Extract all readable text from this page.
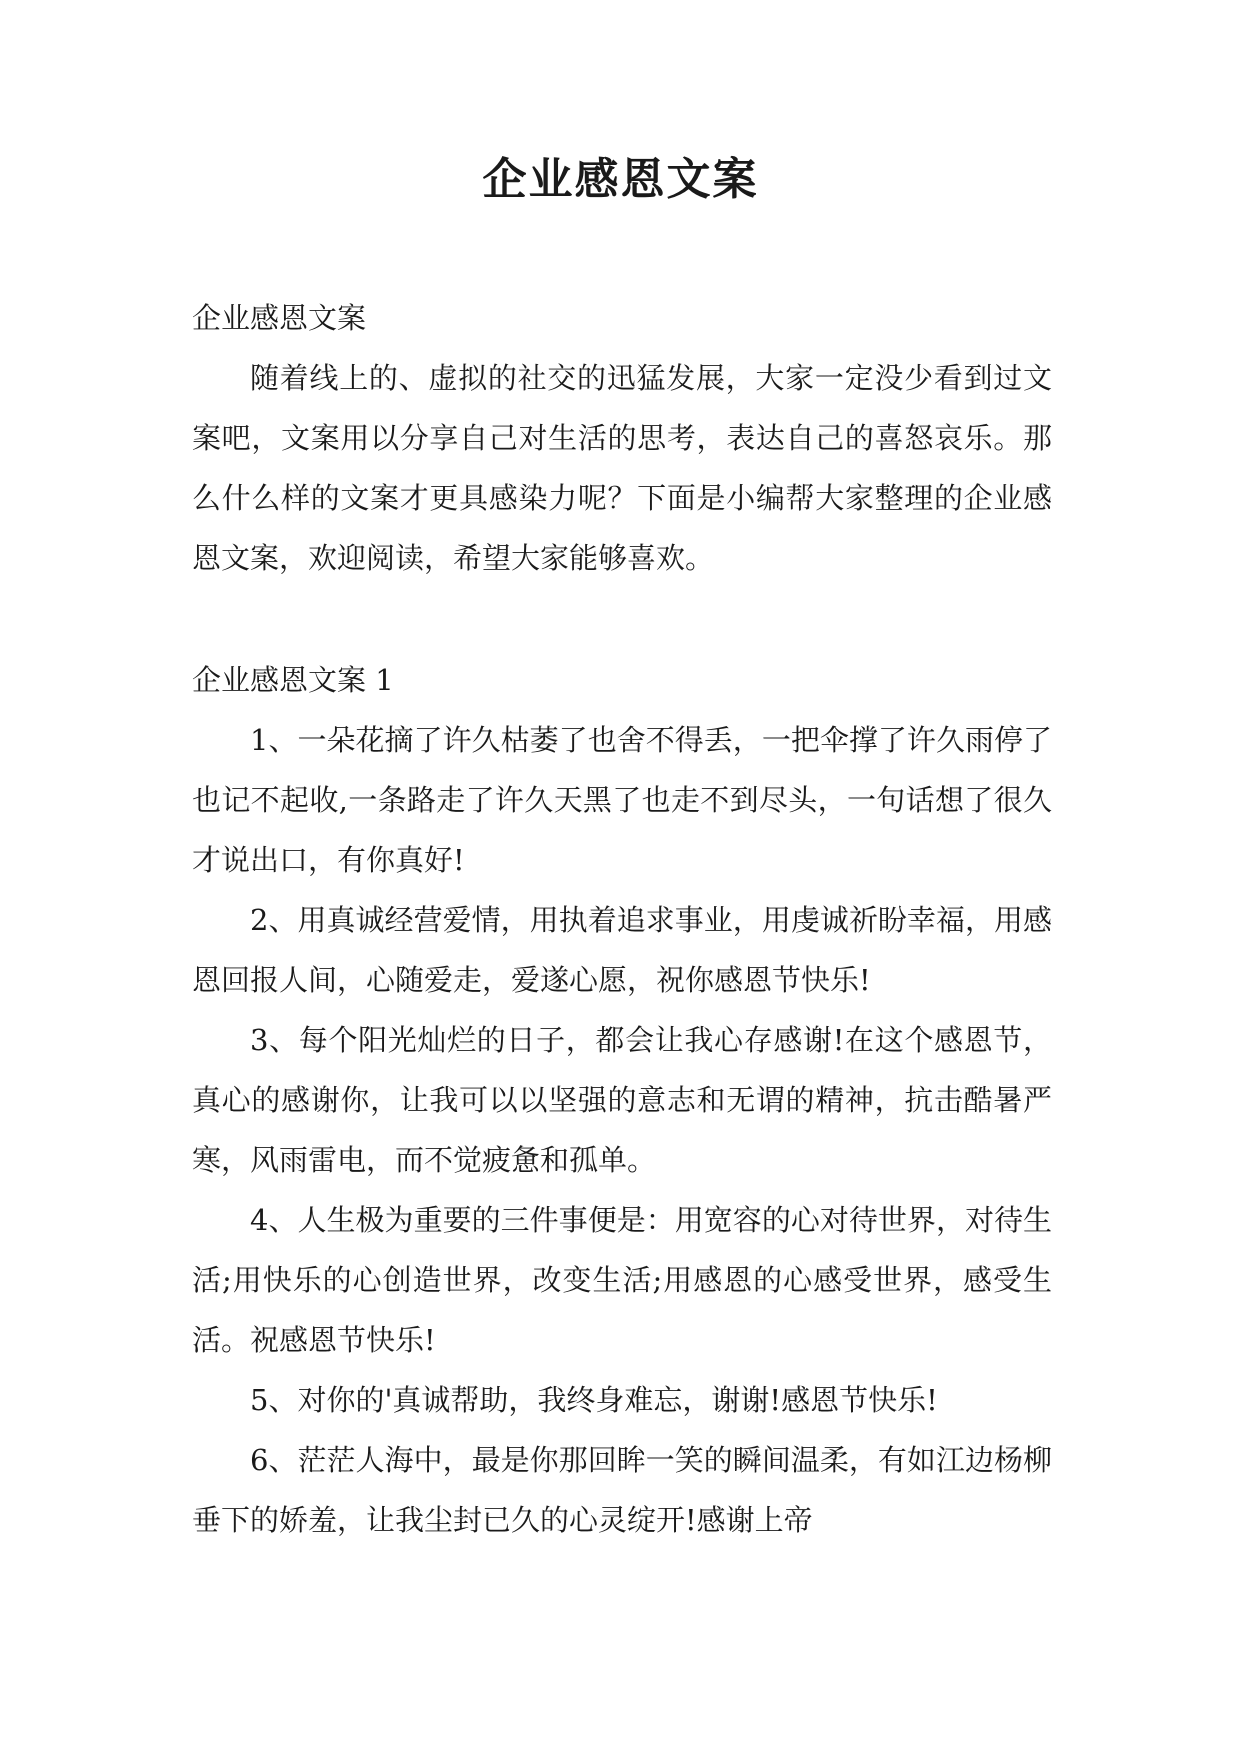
企业感恩文案

企业感恩文案

随着线上的、虚拟的社交的迅猛发展，大家一定没少看到过文案吧，文案用以分享自己对生活的思考，表达自己的喜怒哀乐。那么什么样的文案才更具感染力呢？下面是小编帮大家整理的企业感恩文案，欢迎阅读，希望大家能够喜欢。

企业感恩文案 1

1、一朵花摘了许久枯萎了也舍不得丢，一把伞撑了许久雨停了也记不起收,一条路走了许久天黑了也走不到尽头，一句话想了很久才说出口，有你真好!

2、用真诚经营爱情，用执着追求事业，用虔诚祈盼幸福，用感恩回报人间，心随爱走，爱遂心愿，祝你感恩节快乐!

3、每个阳光灿烂的日子，都会让我心存感谢!在这个感恩节，真心的感谢你，让我可以以坚强的意志和无谓的精神，抗击酷暑严寒，风雨雷电，而不觉疲惫和孤单。

4、人生极为重要的三件事便是：用宽容的心对待世界，对待生活;用快乐的心创造世界，改变生活;用感恩的心感受世界，感受生活。祝感恩节快乐!

5、对你的'真诚帮助，我终身难忘，谢谢!感恩节快乐!

6、茫茫人海中，最是你那回眸一笑的瞬间温柔，有如江边杨柳垂下的娇羞，让我尘封已久的心灵绽开!感谢上帝
